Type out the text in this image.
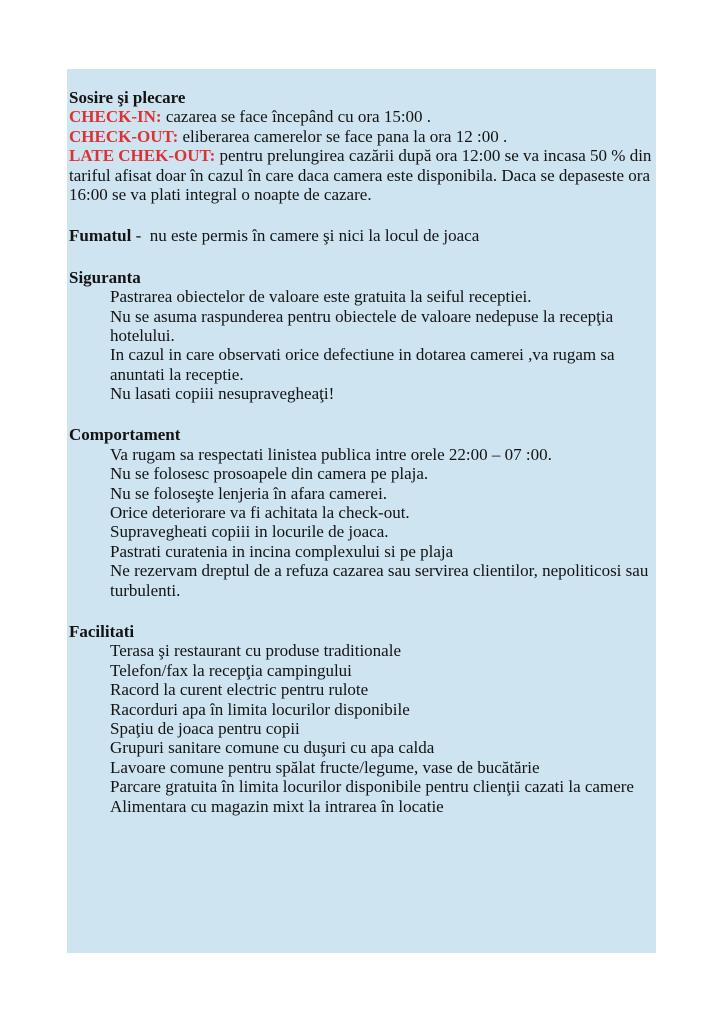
Sosire şi plecare
CHECK-IN: cazarea se face începând cu ora 15:00 .
CHECK-OUT: eliberarea camerelor se face pana la ora 12 :00 .
LATE CHEK-OUT: pentru prelungirea cazării după ora 12:00 se va incasa 50 % din
tariful afisat doar în cazul în care daca camera este disponibila. Daca se depaseste ora
16:00 se va plati integral o noapte de cazare.
Fumatul -  nu este permis în camere şi nici la locul de joaca
Siguranta
Pastrarea obiectelor de valoare este gratuita la seiful receptiei.
Nu se asuma raspunderea pentru obiectele de valoare nedepuse la recepţia
hotelului.
In cazul in care observati orice defectiune in dotarea camerei ,va rugam sa
anuntati la receptie.
Nu lasati copiii nesupravegheaţi!
Comportament
Va rugam sa respectati linistea publica intre orele 22:00 – 07 :00.
Nu se folosesc prosoapele din camera pe plaja.
Nu se foloseşte lenjeria în afara camerei.
Orice deteriorare va fi achitata la check-out.
Supravegheati copiii in locurile de joaca.
Pastrati curatenia in incina complexului si pe plaja
Ne rezervam dreptul de a refuza cazarea sau servirea clientilor, nepoliticosi sau
turbulenti.
Facilitati
Terasa şi restaurant cu produse traditionale
Telefon/fax la recepţia campingului
Racord la curent electric pentru rulote
Racorduri apa în limita locurilor disponibile
Spaţiu de joaca pentru copii
Grupuri sanitare comune cu duşuri cu apa calda
Lavoare comune pentru spălat fructe/legume, vase de bucătărie
Parcare gratuita în limita locurilor disponibile pentru clienţii cazati la camere
Alimentara cu magazin mixt la intrarea în locatie
